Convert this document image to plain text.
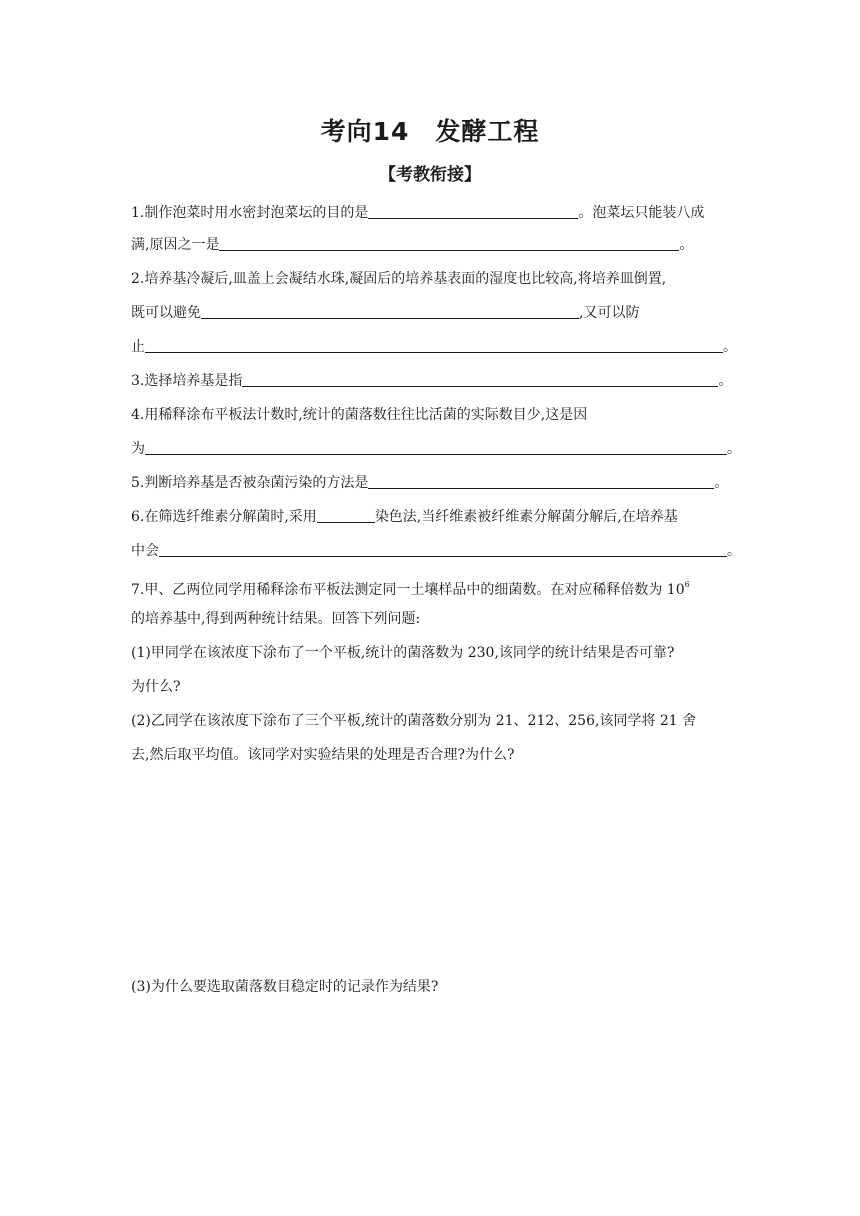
考向14　发酵工程
【考教衔接】
1.制作泡菜时用水密封泡菜坛的目的是	。泡菜坛只能装八成
满,原因之一是	。
2.培养基冷凝后,皿盖上会凝结水珠,凝固后的培养基表面的湿度也比较高,将培养皿倒置,
既可以避免	,又可以防
止	。
3.选择培养基是指	。
4.用稀释涂布平板法计数时,统计的菌落数往往比活菌的实际数目少,这是因
为	。
5.判断培养基是否被杂菌污染的方法是	。
6.在筛选纤维素分解菌时,采用	染色法,当纤维素被纤维素分解菌分解后,在培养基
中会	。
7.甲、乙两位同学用稀释涂布平板法测定同一土壤样品中的细菌数。在对应稀释倍数为 $10^6$
的培养基中,得到两种统计结果。回答下列问题:
(1)甲同学在该浓度下涂布了一个平板,统计的菌落数为 230,该同学的统计结果是否可靠?
为什么?
(2)乙同学在该浓度下涂布了三个平板,统计的菌落数分别为 21、212、256,该同学将 21 舍
去,然后取平均值。该同学对实验结果的处理是否合理?为什么?
(3)为什么要选取菌落数目稳定时的记录作为结果?
